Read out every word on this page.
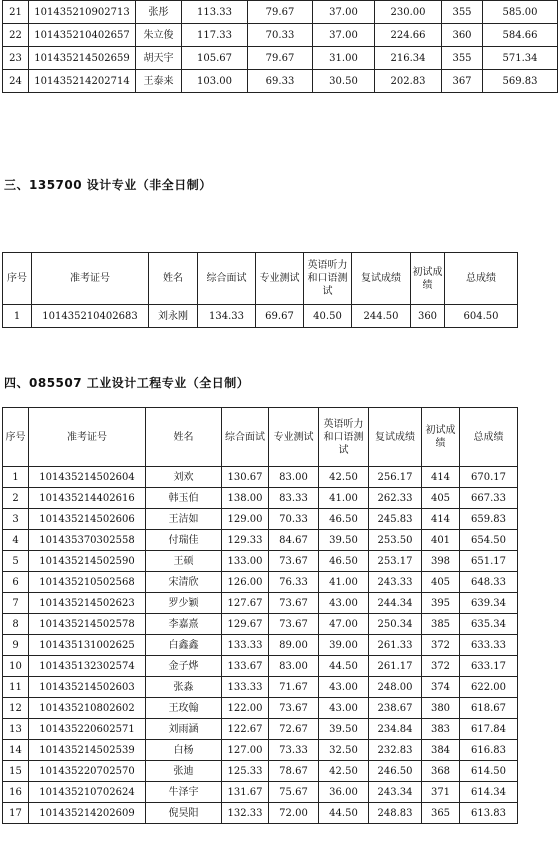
21	101435210902713	张彤	113.33	79.67	37.00	230.00	355	585.00
22	101435210402657	朱立俊	117.33	70.33	37.00	224.66	360	584.66
23	101435214502659	胡天宇	105.67	79.67	31.00	216.34	355	571.34
24	101435214202714	王泰来	103.00	69.33	30.50	202.83	367	569.83
三、135700 设计专业（非全日制）
序号	准考证号	姓名	综合面试	专业测试	英语听力和口语测试	复试成绩	初试成绩	总成绩
1	101435210402683	刘永刚	134.33	69.67	40.50	244.50	360	604.50
四、085507 工业设计工程专业（全日制）
序号	准考证号	姓名	综合面试	专业测试	英语听力和口语测试	复试成绩	初试成绩	总成绩
1	101435214502604	刘欢	130.67	83.00	42.50	256.17	414	670.17
2	101435214402616	韩玉伯	138.00	83.33	41.00	262.33	405	667.33
3	101435214502606	王洁如	129.00	70.33	46.50	245.83	414	659.83
4	101435370302558	付瑞佳	129.33	84.67	39.50	253.50	401	654.50
5	101435214502590	王硕	133.00	73.67	46.50	253.17	398	651.17
6	101435210502568	宋清欣	126.00	76.33	41.00	243.33	405	648.33
7	101435214502623	罗少颖	127.67	73.67	43.00	244.34	395	639.34
8	101435214502578	李嘉熹	129.67	73.67	47.00	250.34	385	635.34
9	101435131002625	白鑫鑫	133.33	89.00	39.00	261.33	372	633.33
10	101435132302574	金子烨	133.67	83.00	44.50	261.17	372	633.17
11	101435214502603	张淼	133.33	71.67	43.00	248.00	374	622.00
12	101435210802602	王玫翰	122.00	73.67	43.00	238.67	380	618.67
13	101435220602571	刘雨涵	122.67	72.67	39.50	234.84	383	617.84
14	101435214502539	白杨	127.00	73.33	32.50	232.83	384	616.83
15	101435220702570	张迪	125.33	78.67	42.50	246.50	368	614.50
16	101435210702624	牛泽宇	131.67	75.67	36.00	243.34	371	614.34
17	101435214202609	倪昊阳	132.33	72.00	44.50	248.83	365	613.83
